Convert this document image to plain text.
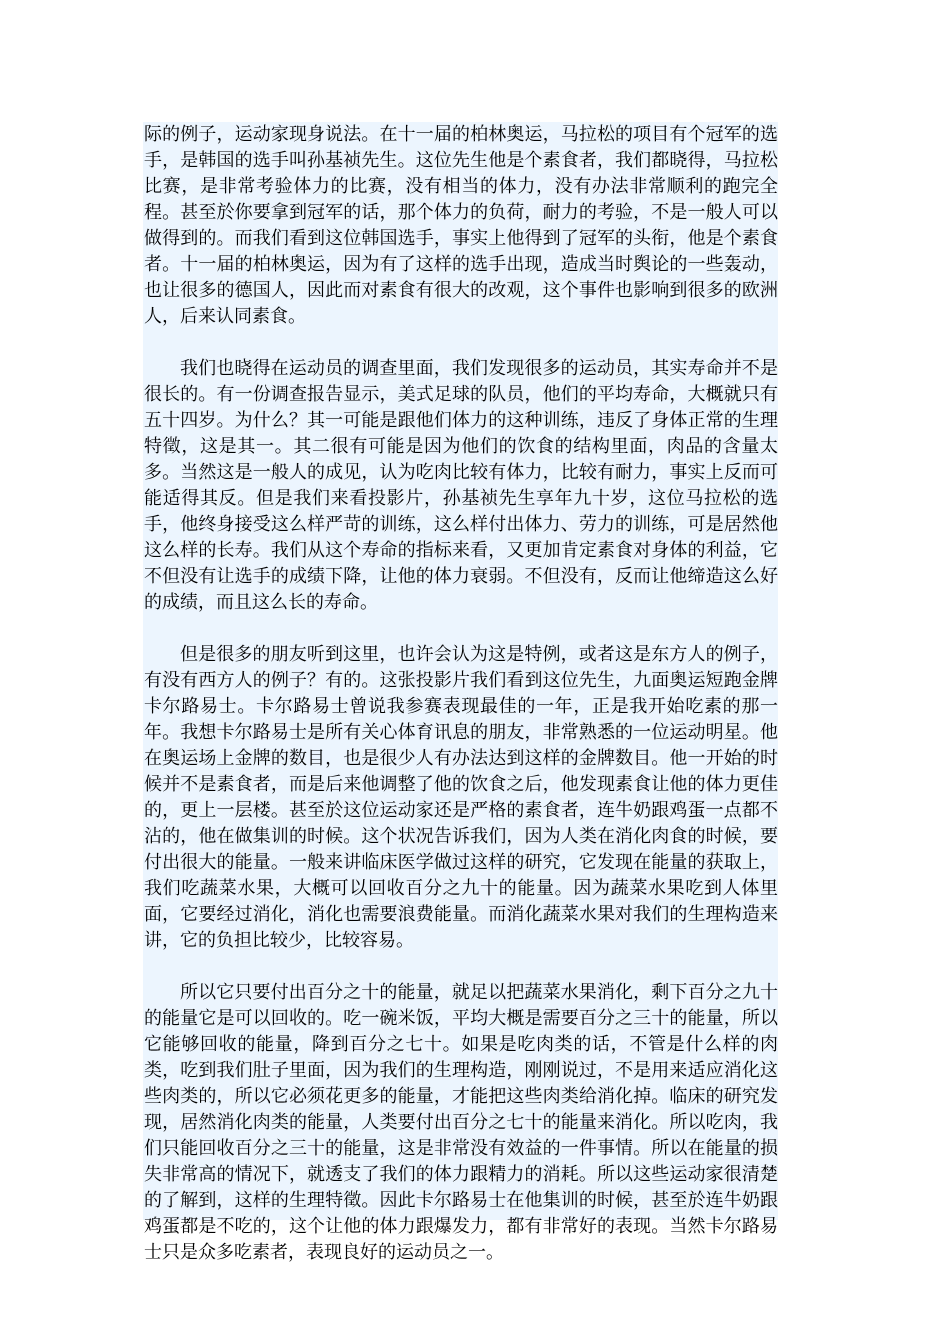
际的例子，运动家现身说法。在十一届的柏林奥运，马拉松的项目有个冠军的选手，是韩国的选手叫孙基祯先生。这位先生他是个素食者，我们都晓得，马拉松比赛，是非常考验体力的比赛，没有相当的体力，没有办法非常顺利的跑完全程。甚至於你要拿到冠军的话，那个体力的负荷，耐力的考验，不是一般人可以做得到的。而我们看到这位韩国选手，事实上他得到了冠军的头衔，他是个素食者。十一届的柏林奥运，因为有了这样的选手出现，造成当时舆论的一些轰动，也让很多的德国人，因此而对素食有很大的改观，这个事件也影响到很多的欧洲人，后来认同素食。

我们也晓得在运动员的调查里面，我们发现很多的运动员，其实寿命并不是很长的。有一份调查报告显示，美式足球的队员，他们的平均寿命，大概就只有五十四岁。为什么？其一可能是跟他们体力的这种训练，违反了身体正常的生理特徵，这是其一。其二很有可能是因为他们的饮食的结构里面，肉品的含量太多。当然这是一般人的成见，认为吃肉比较有体力，比较有耐力，事实上反而可能适得其反。但是我们来看投影片，孙基祯先生享年九十岁，这位马拉松的选手，他终身接受这么样严苛的训练，这么样付出体力、劳力的训练，可是居然他这么样的长寿。我们从这个寿命的指标来看，又更加肯定素食对身体的利益，它不但没有让选手的成绩下降，让他的体力衰弱。不但没有，反而让他缔造这么好的成绩，而且这么长的寿命。

但是很多的朋友听到这里，也许会认为这是特例，或者这是东方人的例子，有没有西方人的例子？有的。这张投影片我们看到这位先生，九面奥运短跑金牌卡尔路易士。卡尔路易士曾说我参赛表现最佳的一年，正是我开始吃素的那一年。我想卡尔路易士是所有关心体育讯息的朋友，非常熟悉的一位运动明星。他在奥运场上金牌的数目，也是很少人有办法达到这样的金牌数目。他一开始的时候并不是素食者，而是后来他调整了他的饮食之后，他发现素食让他的体力更佳的，更上一层楼。甚至於这位运动家还是严格的素食者，连牛奶跟鸡蛋一点都不沾的，他在做集训的时候。这个状况告诉我们，因为人类在消化肉食的时候，要付出很大的能量。一般来讲临床医学做过这样的研究，它发现在能量的获取上，我们吃蔬菜水果，大概可以回收百分之九十的能量。因为蔬菜水果吃到人体里面，它要经过消化，消化也需要浪费能量。而消化蔬菜水果对我们的生理构造来讲，它的负担比较少，比较容易。

所以它只要付出百分之十的能量，就足以把蔬菜水果消化，剩下百分之九十的能量它是可以回收的。吃一碗米饭，平均大概是需要百分之三十的能量，所以它能够回收的能量，降到百分之七十。如果是吃肉类的话，不管是什么样的肉类，吃到我们肚子里面，因为我们的生理构造，刚刚说过，不是用来适应消化这些肉类的，所以它必须花更多的能量，才能把这些肉类给消化掉。临床的研究发现，居然消化肉类的能量，人类要付出百分之七十的能量来消化。所以吃肉，我们只能回收百分之三十的能量，这是非常没有效益的一件事情。所以在能量的损失非常高的情况下，就透支了我们的体力跟精力的消耗。所以这些运动家很清楚的了解到，这样的生理特徵。因此卡尔路易士在他集训的时候，甚至於连牛奶跟鸡蛋都是不吃的，这个让他的体力跟爆发力，都有非常好的表现。当然卡尔路易士只是众多吃素者，表现良好的运动员之一。
